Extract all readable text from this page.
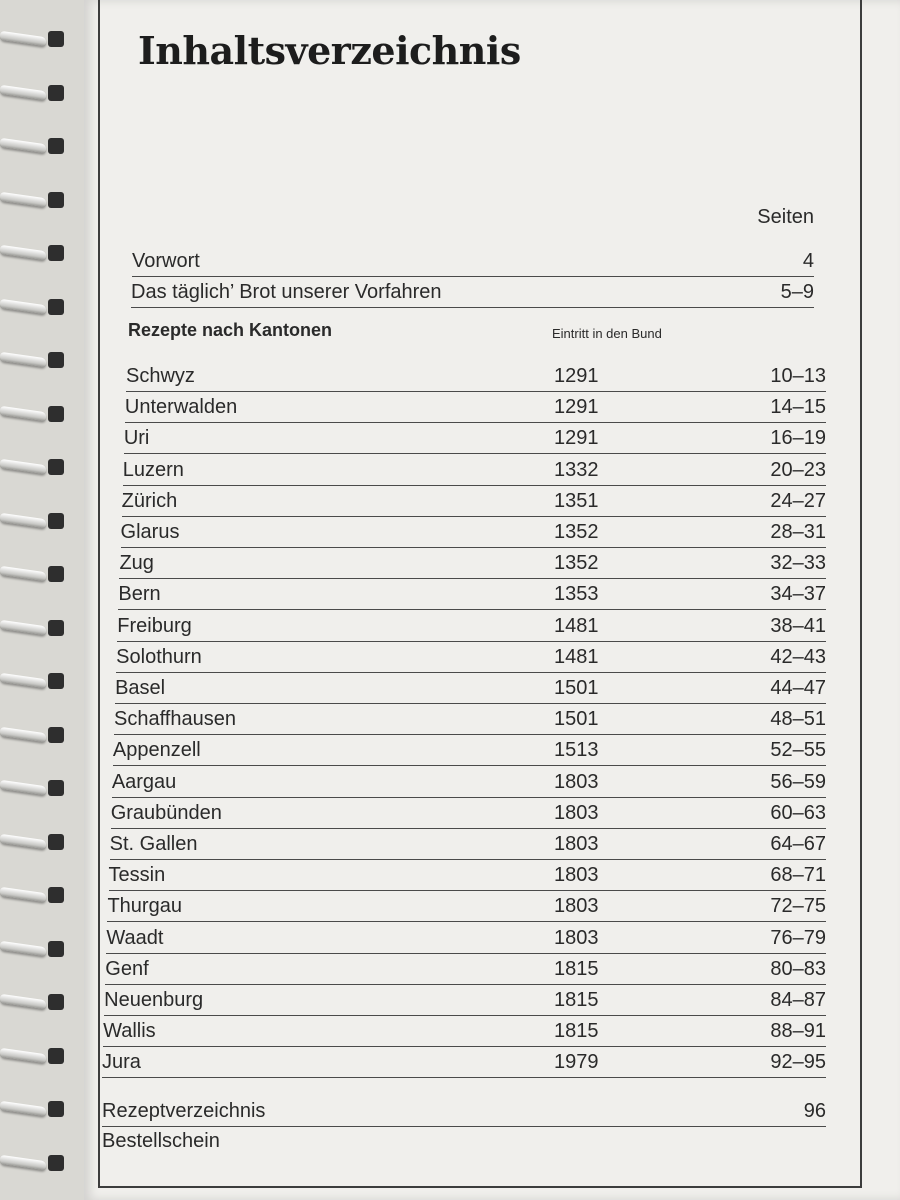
Inhaltsverzeichnis
Seiten
Vorwort	4
Das täglich’ Brot unserer Vorfahren	5–9
Rezepte nach Kantonen	Eintritt in den Bund
Schwyz	1291	10–13
Unterwalden	1291	14–15
Uri	1291	16–19
Luzern	1332	20–23
Zürich	1351	24–27
Glarus	1352	28–31
Zug	1352	32–33
Bern	1353	34–37
Freiburg	1481	38–41
Solothurn	1481	42–43
Basel	1501	44–47
Schaffhausen	1501	48–51
Appenzell	1513	52–55
Aargau	1803	56–59
Graubünden	1803	60–63
St. Gallen	1803	64–67
Tessin	1803	68–71
Thurgau	1803	72–75
Waadt	1803	76–79
Genf	1815	80–83
Neuenburg	1815	84–87
Wallis	1815	88–91
Jura	1979	92–95
Rezeptverzeichnis	96
Bestellschein
